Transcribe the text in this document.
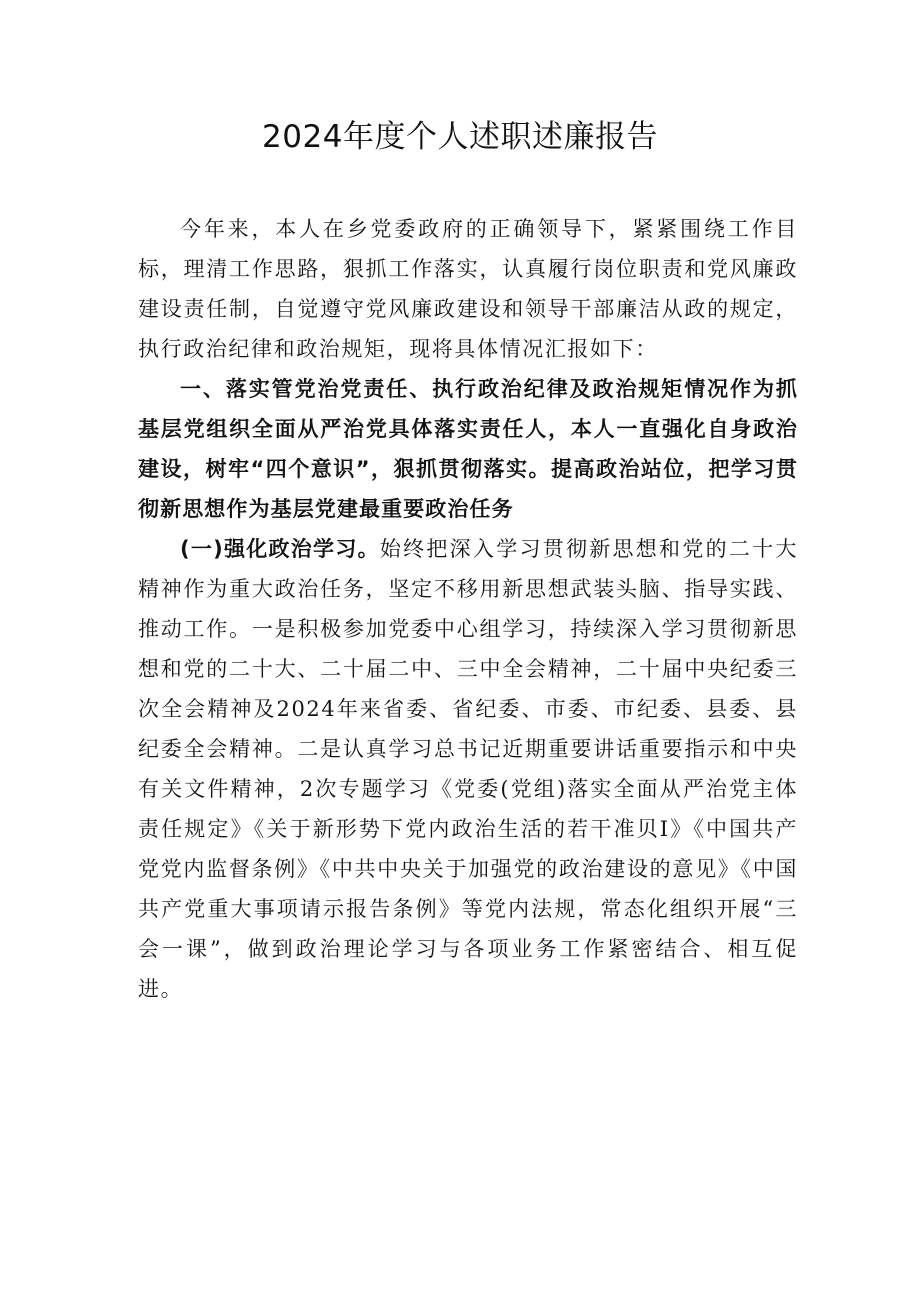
2024年度个人述职述廉报告

今年来，本人在乡党委政府的正确领导下，紧紧围绕工作目标，理清工作思路，狠抓工作落实，认真履行岗位职责和党风廉政建设责任制，自觉遵守党风廉政建设和领导干部廉洁从政的规定，执行政治纪律和政治规矩，现将具体情况汇报如下：

一、落实管党治党责任、执行政治纪律及政治规矩情况作为抓基层党组织全面从严治党具体落实责任人，本人一直强化自身政治建设，树牢“四个意识”，狠抓贯彻落实。提高政治站位，把学习贯彻新思想作为基层党建最重要政治任务

(一)强化政治学习。始终把深入学习贯彻新思想和党的二十大精神作为重大政治任务，坚定不移用新思想武装头脑、指导实践、推动工作。一是积极参加党委中心组学习，持续深入学习贯彻新思想和党的二十大、二十届二中、三中全会精神，二十届中央纪委三次全会精神及2024年来省委、省纪委、市委、市纪委、县委、县纪委全会精神。二是认真学习总书记近期重要讲话重要指示和中央有关文件精神，2次专题学习《党委(党组)落实全面从严治党主体责任规定》《关于新形势下党内政治生活的若干准贝I》《中国共产党党内监督条例》《中共中央关于加强党的政治建设的意见》《中国共产党重大事项请示报告条例》等党内法规，常态化组织开展“三会一课”，做到政治理论学习与各项业务工作紧密结合、相互促进。
